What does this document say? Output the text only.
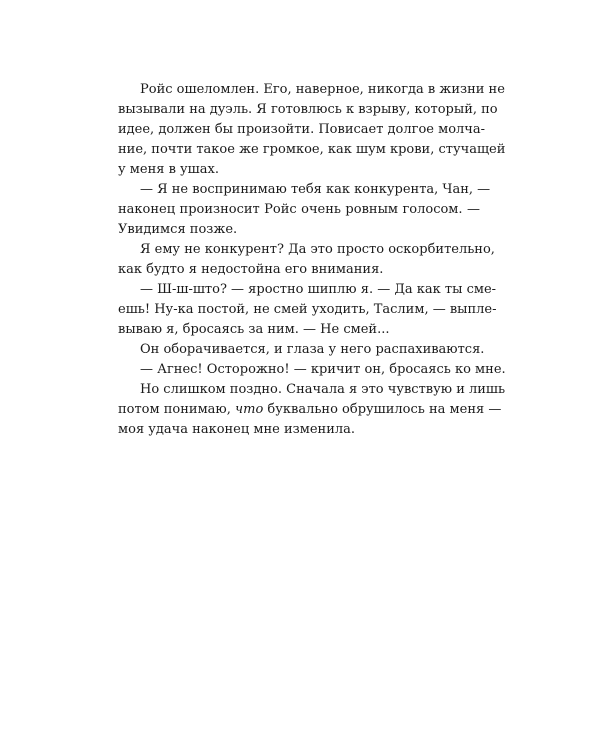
Ройс ошеломлен. Его, наверное, никогда в жизни не
вызывали на дуэль. Я готовлюсь к взрыву, который, по
идее, должен бы произойти. Повисает долгое молча-
ние, почти такое же громкое, как шум крови, стучащей
у меня в ушах.
— Я не воспринимаю тебя как конкурента, Чан, —
наконец произносит Ройс очень ровным голосом. —
Увидимся позже.
Я ему не конкурент? Да это просто оскорбительно,
как будто я недостойна его внимания.
— Ш-ш-што? — яростно шиплю я. — Да как ты сме-
ешь! Ну-ка постой, не смей уходить, Таслим, — выпле-
вываю я, бросаясь за ним. — Не смей...
Он оборачивается, и глаза у него распахиваются.
— Агнес! Осторожно! — кричит он, бросаясь ко мне.
Но слишком поздно. Сначала я это чувствую и лишь
потом понимаю, что буквально обрушилось на меня —
моя удача наконец мне изменила.
